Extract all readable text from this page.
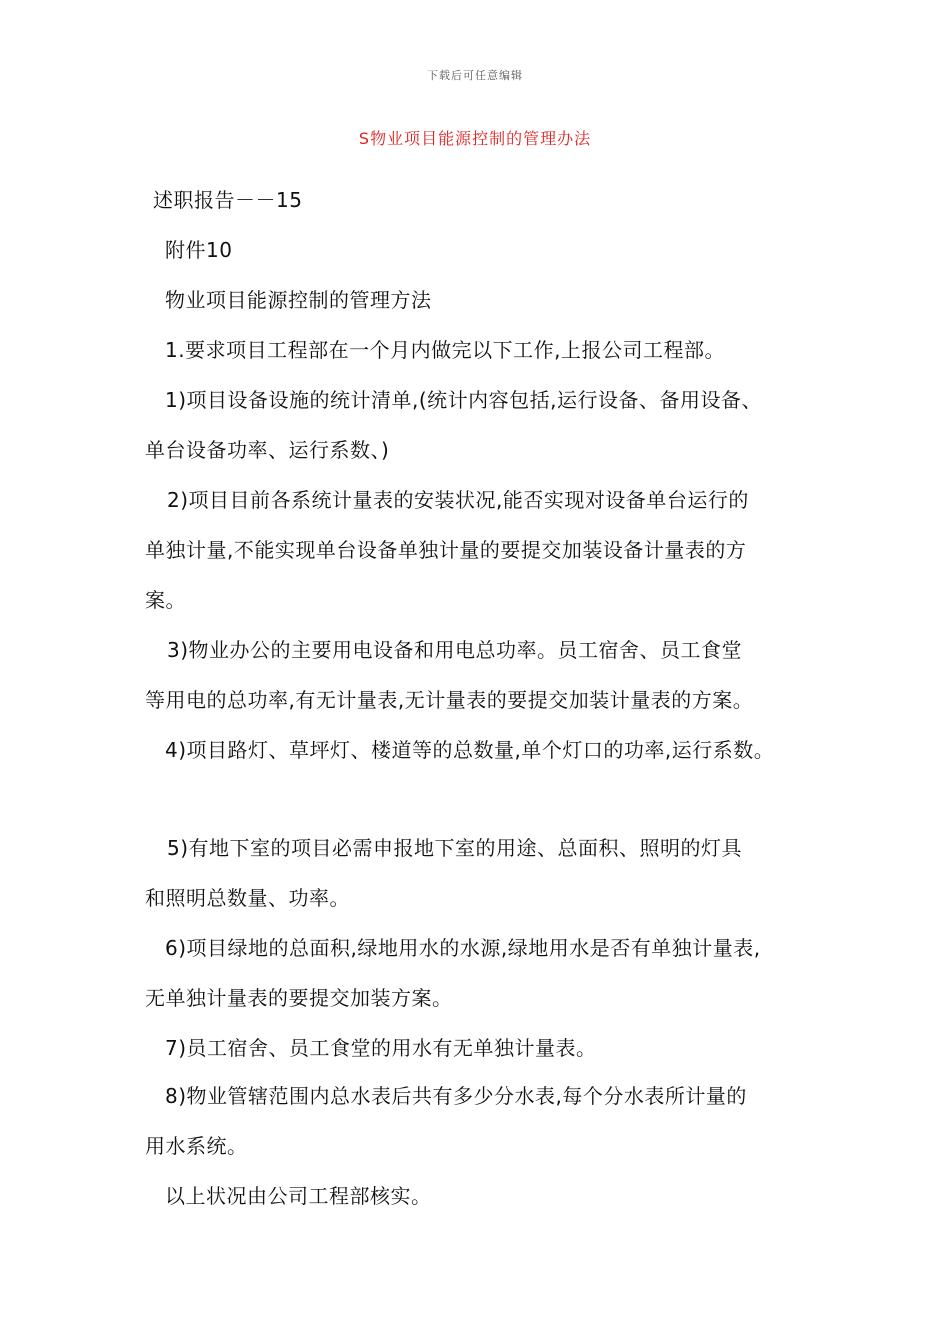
下载后可任意编辑
S物业项目能源控制的管理办法
述职报告－－15
附件10
物业项目能源控制的管理方法
1.要求项目工程部在一个月内做完以下工作,上报公司工程部。
1)项目设备设施的统计清单,(统计内容包括,运行设备、备用设备、
单台设备功率、运行系数、)
2)项目目前各系统计量表的安装状况,能否实现对设备单台运行的
单独计量,不能实现单台设备单独计量的要提交加装设备计量表的方
案。
3)物业办公的主要用电设备和用电总功率。员工宿舍、员工食堂
等用电的总功率,有无计量表,无计量表的要提交加装计量表的方案。
4)项目路灯、草坪灯、楼道等的总数量,单个灯口的功率,运行系数。
5)有地下室的项目必需申报地下室的用途、总面积、照明的灯具
和照明总数量、功率。
6)项目绿地的总面积,绿地用水的水源,绿地用水是否有单独计量表,
无单独计量表的要提交加装方案。
7)员工宿舍、员工食堂的用水有无单独计量表。
8)物业管辖范围内总水表后共有多少分水表,每个分水表所计量的
用水系统。
以上状况由公司工程部核实。
